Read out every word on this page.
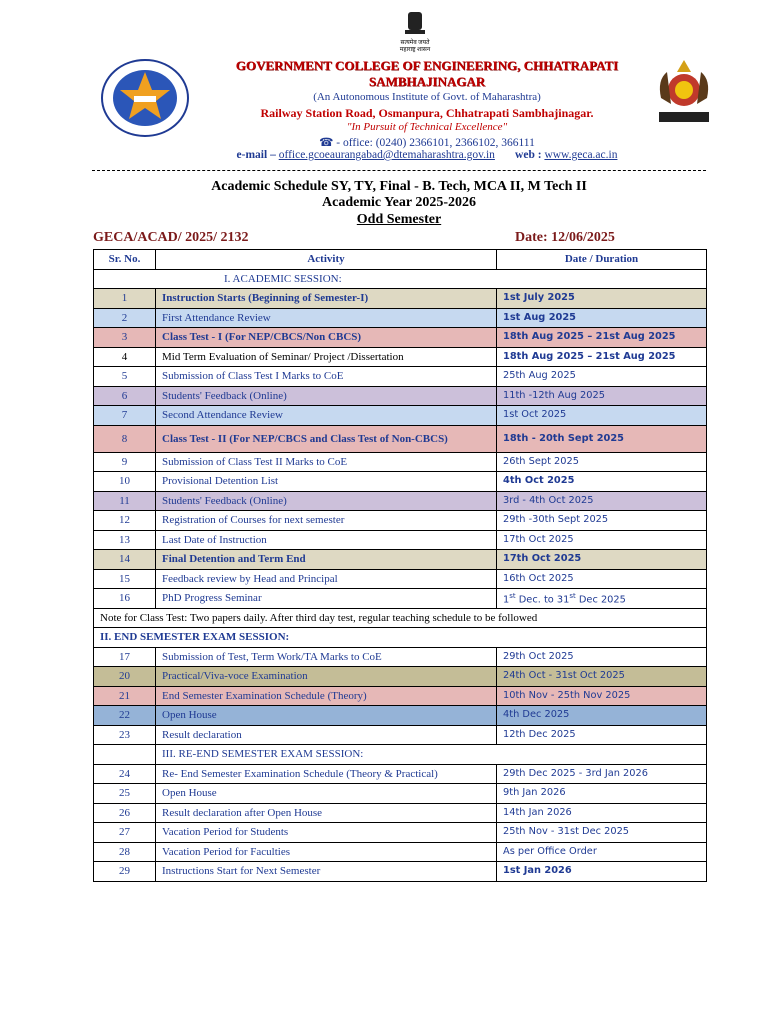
सत्यमेव जयते
महाराष्ट्र शासन
GOVERNMENT COLLEGE OF ENGINEERING, CHHATRAPATI
SAMBHAJINAGAR
(An Autonomous Institute of Govt. of Maharashtra)
Railway Station Road, Osmanpura, Chhatrapati Sambhajinagar.
"In Pursuit of Technical Excellence"
☎ - office: (0240) 2366101, 2366102, 366111
e-mail – office.gcoeaurangabad@dtemaharashtra.gov.in web : www.geca.ac.in
Academic Schedule SY, TY, Final - B. Tech, MCA II, M Tech II
Academic Year 2025-2026
Odd Semester
GECA/ACAD/ 2025/ 2132	Date: 12/06/2025
Sr. No.	Activity	Date / Duration
I. ACADEMIC SESSION:		
1	Instruction Starts (Beginning of Semester-I)	1st July 2025
2	First Attendance Review	1st Aug 2025
3	Class Test - I (For NEP/CBCS/Non CBCS)	18th Aug 2025 – 21st Aug 2025
4	Mid Term Evaluation of Seminar/ Project /Dissertation	18th Aug 2025 – 21st Aug 2025
5	Submission of Class Test I Marks to CoE	25th Aug 2025
6	Students' Feedback (Online)	11th -12th Aug 2025
7	Second Attendance Review	1st Oct 2025
8	Class Test - II (For NEP/CBCS and Class Test of Non-CBCS)	18th - 20th Sept 2025
9	Submission of Class Test II Marks to CoE	26th Sept 2025
10	Provisional Detention List	4th Oct 2025
11	Students' Feedback (Online)	3rd - 4th Oct 2025
12	Registration of Courses for next semester	29th -30th Sept 2025
13	Last Date of Instruction	17th Oct 2025
14	Final Detention and Term End	17th Oct 2025
15	Feedback review by Head and Principal	16th Oct 2025
16	PhD Progress Seminar	1st Dec. to 31st Dec 2025
Note for Class Test: Two papers daily. After third day test, regular teaching schedule to be followed		
II. END SEMESTER EXAM SESSION:		
17	Submission of Test, Term Work/TA Marks to CoE	29th Oct 2025
20	Practical/Viva-voce Examination	24th Oct - 31st Oct 2025
21	End Semester Examination Schedule (Theory)	10th Nov - 25th Nov 2025
22	Open House	4th Dec 2025
23	Result declaration	12th Dec 2025
	III. RE-END SEMESTER EXAM SESSION:	
24	Re- End Semester Examination Schedule (Theory & Practical)	29th Dec 2025 - 3rd Jan 2026
25	Open House	9th Jan 2026
26	Result declaration after Open House	14th Jan 2026
27	Vacation Period for Students	25th Nov - 31st Dec 2025
28	Vacation Period for Faculties	As per Office Order
29	Instructions Start for Next Semester	1st Jan 2026
